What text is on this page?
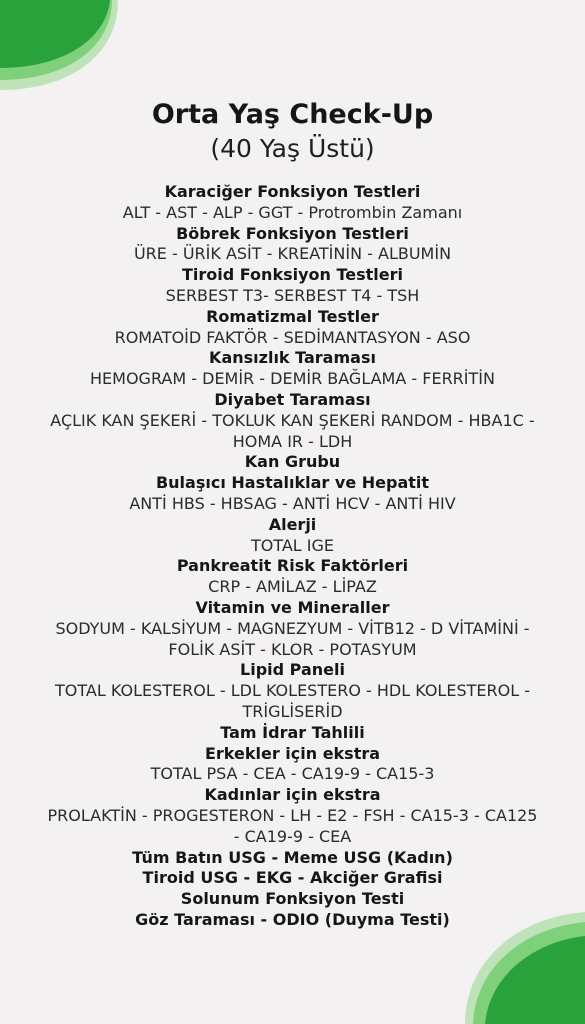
Orta Yaş Check-Up

(40 Yaş Üstü)

Karaciğer Fonksiyon Testleri
ALT - AST - ALP - GGT - Protrombin Zamanı
Böbrek Fonksiyon Testleri
ÜRE - ÜRİK ASİT - KREATİNİN - ALBUMİN
Tiroid Fonksiyon Testleri
SERBEST T3- SERBEST T4 - TSH
Romatizmal Testler
ROMATOİD FAKTÖR - SEDİMANTASYON - ASO
Kansızlık Taraması
HEMOGRAM - DEMİR - DEMİR BAĞLAMA - FERRİTİN
Diyabet Taraması
AÇLIK KAN ŞEKERİ - TOKLUK KAN ŞEKERİ RANDOM - HBA1C -
HOMA IR - LDH
Kan Grubu
Bulaşıcı Hastalıklar ve Hepatit
ANTİ HBS - HBSAG - ANTİ HCV - ANTİ HIV
Alerji
TOTAL IGE
Pankreatit Risk Faktörleri
CRP - AMİLAZ - LİPAZ
Vitamin ve Mineraller
SODYUM - KALSİYUM - MAGNEZYUM - VİTB12 - D VİTAMİNİ -
FOLİK ASİT - KLOR - POTASYUM
Lipid Paneli
TOTAL KOLESTEROL - LDL KOLESTERO - HDL KOLESTEROL -
TRİGLİSERİD
Tam İdrar Tahlili
Erkekler için ekstra
TOTAL PSA - CEA - CA19-9 - CA15-3
Kadınlar için ekstra
PROLAKTİN - PROGESTERON - LH - E2 - FSH - CA15-3 - CA125
- CA19-9 - CEA
Tüm Batın USG - Meme USG (Kadın)
Tiroid USG - EKG - Akciğer Grafisi
Solunum Fonksiyon Testi
Göz Taraması - ODIO (Duyma Testi)
